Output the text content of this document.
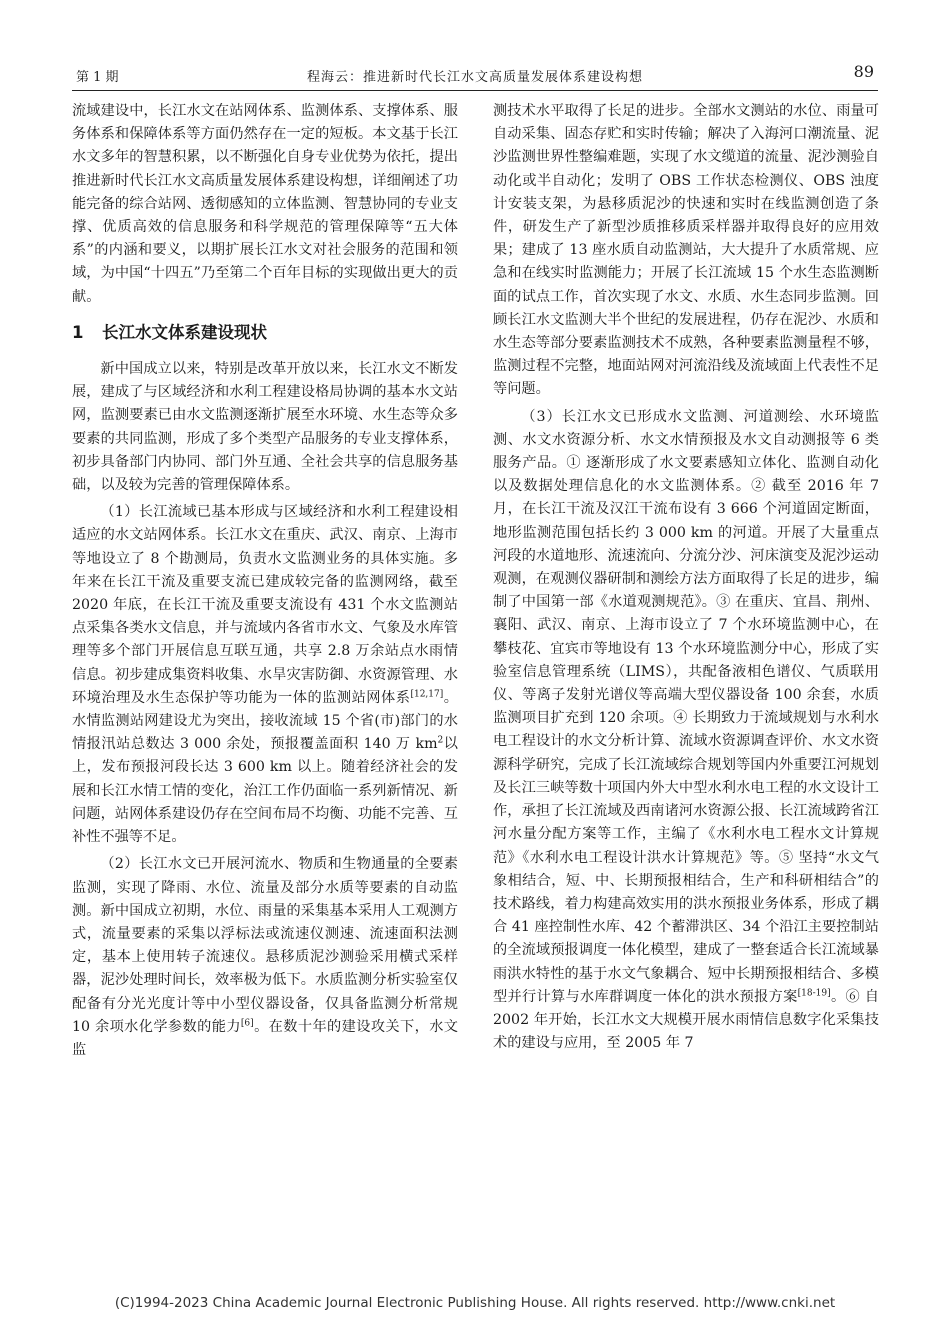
第 1 期	程海云：推进新时代长江水文高质量发展体系建设构想	89

流域建设中，长江水文在站网体系、监测体系、支撑体系、服务体系和保障体系等方面仍然存在一定的短板。本文基于长江水文多年的智慧积累，以不断强化自身专业优势为依托，提出推进新时代长江水文高质量发展体系建设构想，详细阐述了功能完备的综合站网、透彻感知的立体监测、智慧协同的专业支撑、优质高效的信息服务和科学规范的管理保障等“五大体系”的内涵和要义，以期扩展长江水文对社会服务的范围和领域，为中国“十四五”乃至第二个百年目标的实现做出更大的贡献。

1 长江水文体系建设现状

新中国成立以来，特别是改革开放以来，长江水文不断发展，建成了与区域经济和水利工程建设格局协调的基本水文站网，监测要素已由水文监测逐渐扩展至水环境、水生态等众多要素的共同监测，形成了多个类型产品服务的专业支撑体系，初步具备部门内协同、部门外互通、全社会共享的信息服务基础，以及较为完善的管理保障体系。

（1）长江流域已基本形成与区域经济和水利工程建设相适应的水文站网体系。长江水文在重庆、武汉、南京、上海市等地设立了 8 个勘测局，负责水文监测业务的具体实施。多年来在长江干流及重要支流已建成较完备的监测网络，截至 2020 年底，在长江干流及重要支流设有 431 个水文监测站点采集各类水文信息，并与流域内各省市水文、气象及水库管理等多个部门开展信息互联互通，共享 2.8 万余站点水雨情信息。初步建成集资料收集、水旱灾害防御、水资源管理、水环境治理及水生态保护等功能为一体的监测站网体系[12,17]。水情监测站网建设尤为突出，接收流域 15 个省(市)部门的水情报汛站总数达 3 000 余处，预报覆盖面积 140 万 $km^2$以上，发布预报河段长达 3 600 km 以上。随着经济社会的发展和长江水情工情的变化，治江工作仍面临一系列新情况、新问题，站网体系建设仍存在空间布局不均衡、功能不完善、互补性不强等不足。

（2）长江水文已开展河流水、物质和生物通量的全要素监测，实现了降雨、水位、流量及部分水质等要素的自动监测。新中国成立初期，水位、雨量的采集基本采用人工观测方式，流量要素的采集以浮标法或流速仪测速、流速面积法测定，基本上使用转子流速仪。悬移质泥沙测验采用横式采样器，泥沙处理时间长，效率极为低下。水质监测分析实验室仅配备有分光光度计等中小型仪器设备，仅具备监测分析常规 10 余项水化学参数的能力[6]。在数十年的建设攻关下，水文监

测技术水平取得了长足的进步。全部水文测站的水位、雨量可自动采集、固态存贮和实时传输；解决了入海河口潮流量、泥沙监测世界性整编难题，实现了水文缆道的流量、泥沙测验自动化或半自动化；发明了 OBS 工作状态检测仪、OBS 浊度计安装支架，为悬移质泥沙的快速和实时在线监测创造了条件，研发生产了新型沙质推移质采样器并取得良好的应用效果；建成了 13 座水质自动监测站，大大提升了水质常规、应急和在线实时监测能力；开展了长江流域 15 个水生态监测断面的试点工作，首次实现了水文、水质、水生态同步监测。回顾长江水文监测大半个世纪的发展进程，仍存在泥沙、水质和水生态等部分要素监测技术不成熟，各种要素监测量程不够，监测过程不完整，地面站网对河流沿线及流域面上代表性不足等问题。

（3）长江水文已形成水文监测、河道测绘、水环境监测、水文水资源分析、水文水情预报及水文自动测报等 6 类服务产品。① 逐渐形成了水文要素感知立体化、监测自动化以及数据处理信息化的水文监测体系。② 截至 2016 年 7 月，在长江干流及汉江干流布设有 3 666 个河道固定断面，地形监测范围包括长约 3 000 km 的河道。开展了大量重点河段的水道地形、流速流向、分流分沙、河床演变及泥沙运动观测，在观测仪器研制和测绘方法方面取得了长足的进步，编制了中国第一部《水道观测规范》。③ 在重庆、宜昌、荆州、襄阳、武汉、南京、上海市设立了 7 个水环境监测中心，在攀枝花、宜宾市等地设有 13 个水环境监测分中心，形成了实验室信息管理系统（LIMS），共配备液相色谱仪、气质联用仪、等离子发射光谱仪等高端大型仪器设备 100 余套，水质监测项目扩充到 120 余项。④ 长期致力于流域规划与水利水电工程设计的水文分析计算、流域水资源调查评价、水文水资源科学研究，完成了长江流域综合规划等国内外重要江河规划及长江三峡等数十项国内外大中型水利水电工程的水文设计工作，承担了长江流域及西南诸河水资源公报、长江流域跨省江河水量分配方案等工作，主编了《水利水电工程水文计算规范》《水利水电工程设计洪水计算规范》等。⑤ 坚持“水文气象相结合，短、中、长期预报相结合，生产和科研相结合”的技术路线，着力构建高效实用的洪水预报业务体系，形成了耦合 41 座控制性水库、42 个蓄滞洪区、34 个沿江主要控制站的全流域预报调度一体化模型，建成了一整套适合长江流域暴雨洪水特性的基于水文气象耦合、短中长期预报相结合、多模型并行计算与水库群调度一体化的洪水预报方案[18-19]。⑥ 自 2002 年开始，长江水文大规模开展水雨情信息数字化采集技术的建设与应用，至 2005 年 7

(C)1994-2023 China Academic Journal Electronic Publishing House. All rights reserved. http://www.cnki.net
